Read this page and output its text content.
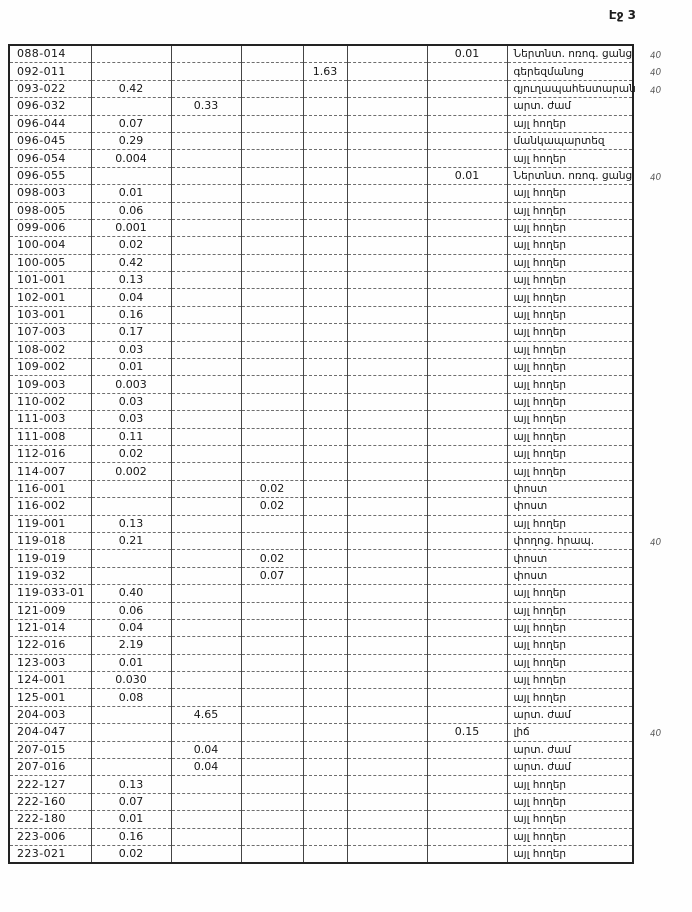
Էջ 3
088-014						0.01	Ներտնտ. ոռոգ. ցանց 40

092-011				1.63			գերեզմանոց 40

093-022	0.42						գյուղապահեստարան 40

096-032		0.33					արտ. ժամ
096-044	0.07						այլ հողեր
096-045	0.29						մանկապարտեզ
096-054	0.004						այլ հողեր
096-055						0.01	Ներտնտ. ոռոգ. ցանց 40

098-003	0.01						այլ հողեր
098-005	0.06						այլ հողեր
099-006	0.001						այլ հողեր
100-004	0.02						այլ հողեր
100-005	0.42						այլ հողեր
101-001	0.13						այլ հողեր
102-001	0.04						այլ հողեր
103-001	0.16						այլ հողեր
107-003	0.17						այլ հողեր
108-002	0.03						այլ հողեր
109-002	0.01						այլ հողեր
109-003	0.003						այլ հողեր
110-002	0.03						այլ հողեր
111-003	0.03						այլ հողեր
111-008	0.11						այլ հողեր
112-016	0.02						այլ հողեր
114-007	0.002						այլ հողեր
116-001			0.02				փոստ
116-002			0.02				փոստ
119-001	0.13						այլ հողեր
119-018	0.21						փողոց. հրապ. 40

119-019			0.02				փոստ
119-032			0.07				փոստ
119-033-01	0.40						այլ հողեր
121-009	0.06						այլ հողեր
121-014	0.04						այլ հողեր
122-016	2.19						այլ հողեր
123-003	0.01						այլ հողեր
124-001	0.030						այլ հողեր
125-001	0.08						այլ հողեր
204-003		4.65					արտ. ժամ
204-047						0.15	լիճ 40

207-015		0.04					արտ. ժամ
207-016		0.04					արտ. ժամ
222-127	0.13						այլ հողեր
222-160	0.07						այլ հողեր
222-180	0.01						այլ հողեր
223-006	0.16						այլ հողեր
223-021	0.02						այլ հողեր
